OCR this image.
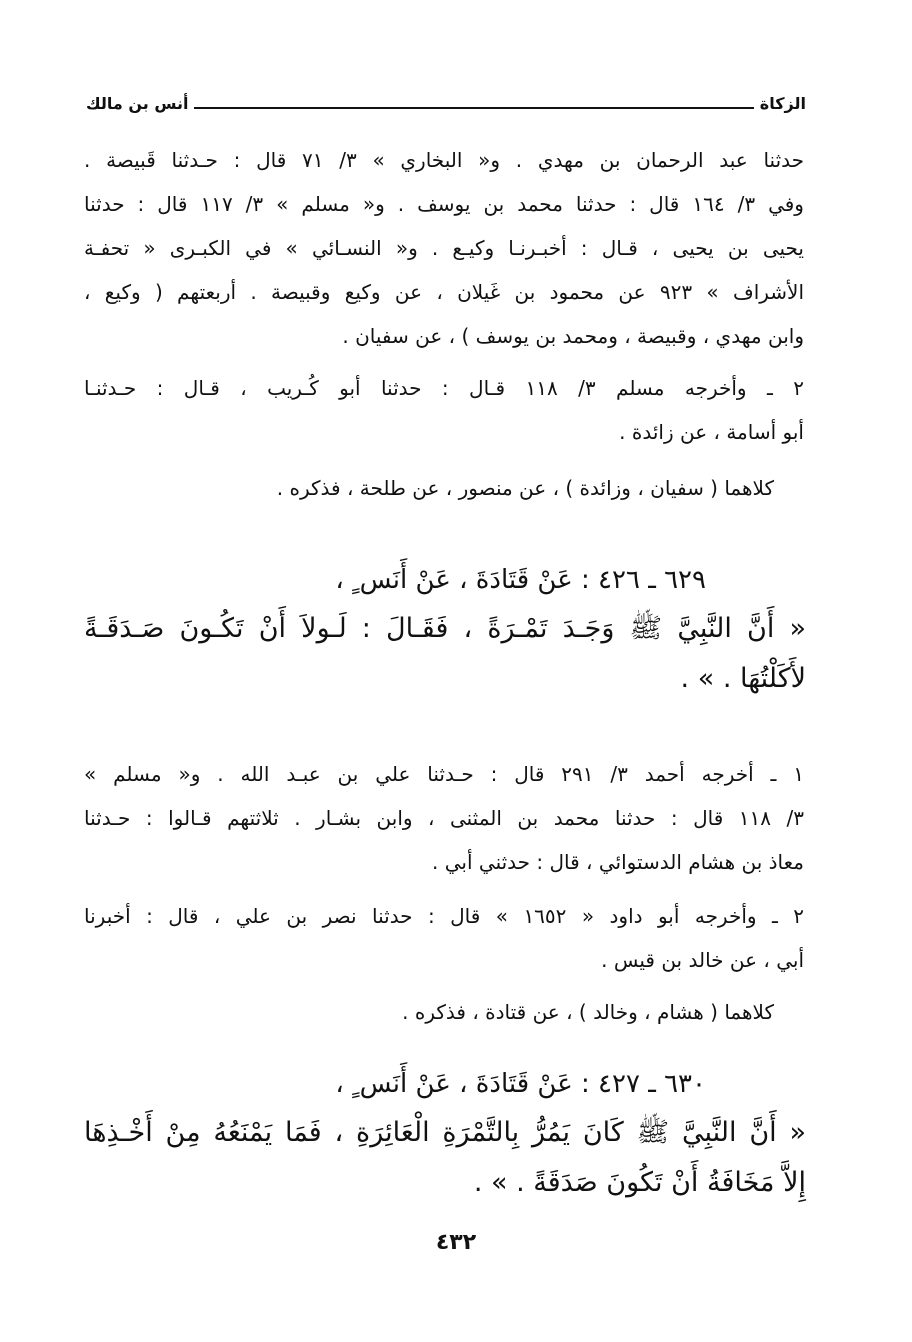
الزكاة
أنس بن مالك
حدثنا عبد الرحمان بن مهدي . و« البخاري » ٣/ ٧١ قال : حـدثنا قَبيصة .
وفي ٣/ ١٦٤ قال : حدثنا محمد بن يوسف . و« مسلم » ٣/ ١١٧ قال : حدثنا
يحيى بن يحيى ، قـال : أخبـرنـا وكيـع . و« النسـائي » في الكبـرى « تحفـة
الأشراف » ٩٢٣ عن محمود بن غَيلان ، عن وكيع وقبيصة . أربعتهم ( وكيع ،
وابن مهدي ، وقبيصة ، ومحمد بن يوسف ) ، عن سفيان .
٢ ـ وأخرجه مسلم ٣/ ١١٨ قـال : حدثنا أبو كُـريب ، قـال : حـدثنـا
أبو أسامة ، عن زائدة .
كلاهما ( سفيان ، وزائدة ) ، عن منصور ، عن طلحة ، فذكره .
٦٢٩ ـ ٤٢٦ : عَنْ قَتَادَةَ ، عَنْ أَنَس ٍ ،
« أَنَّ النَّبِيَّ ﷺ وَجَـدَ تَمْـرَةً ، فَقَـالَ : لَـولاَ أَنْ تَكُـونَ صَـدَقَـةً
لأَكَلْتُهَا . » .
١ ـ أخرجه أحمد ٣/ ٢٩١ قال : حـدثنا علي بن عبـد الله . و« مسلم »
٣/ ١١٨ قال : حدثنا محمد بن المثنى ، وابن بشـار . ثلاثتهم قـالوا : حـدثنا
معاذ بن هشام الدستوائي ، قال : حدثني أبي .
٢ ـ وأخرجه أبو داود « ١٦٥٢ » قال : حدثنا نصر بن علي ، قال : أخبرنا
أبي ، عن خالد بن قيس .
كلاهما ( هشام ، وخالد ) ، عن قتادة ، فذكره .
٦٣٠ ـ ٤٢٧ : عَنْ قَتَادَةَ ، عَنْ أَنَس ٍ ،
« أَنَّ النَّبِيَّ ﷺ كَانَ يَمُرُّ بِالتَّمْرَةِ الْعَائِرَةِ ، فَمَا يَمْنَعُهُ مِنْ أَخْـذِهَا
إِلاَّ مَخَافَةُ أَنْ تَكُونَ صَدَقَةً . » .
٤٣٢
